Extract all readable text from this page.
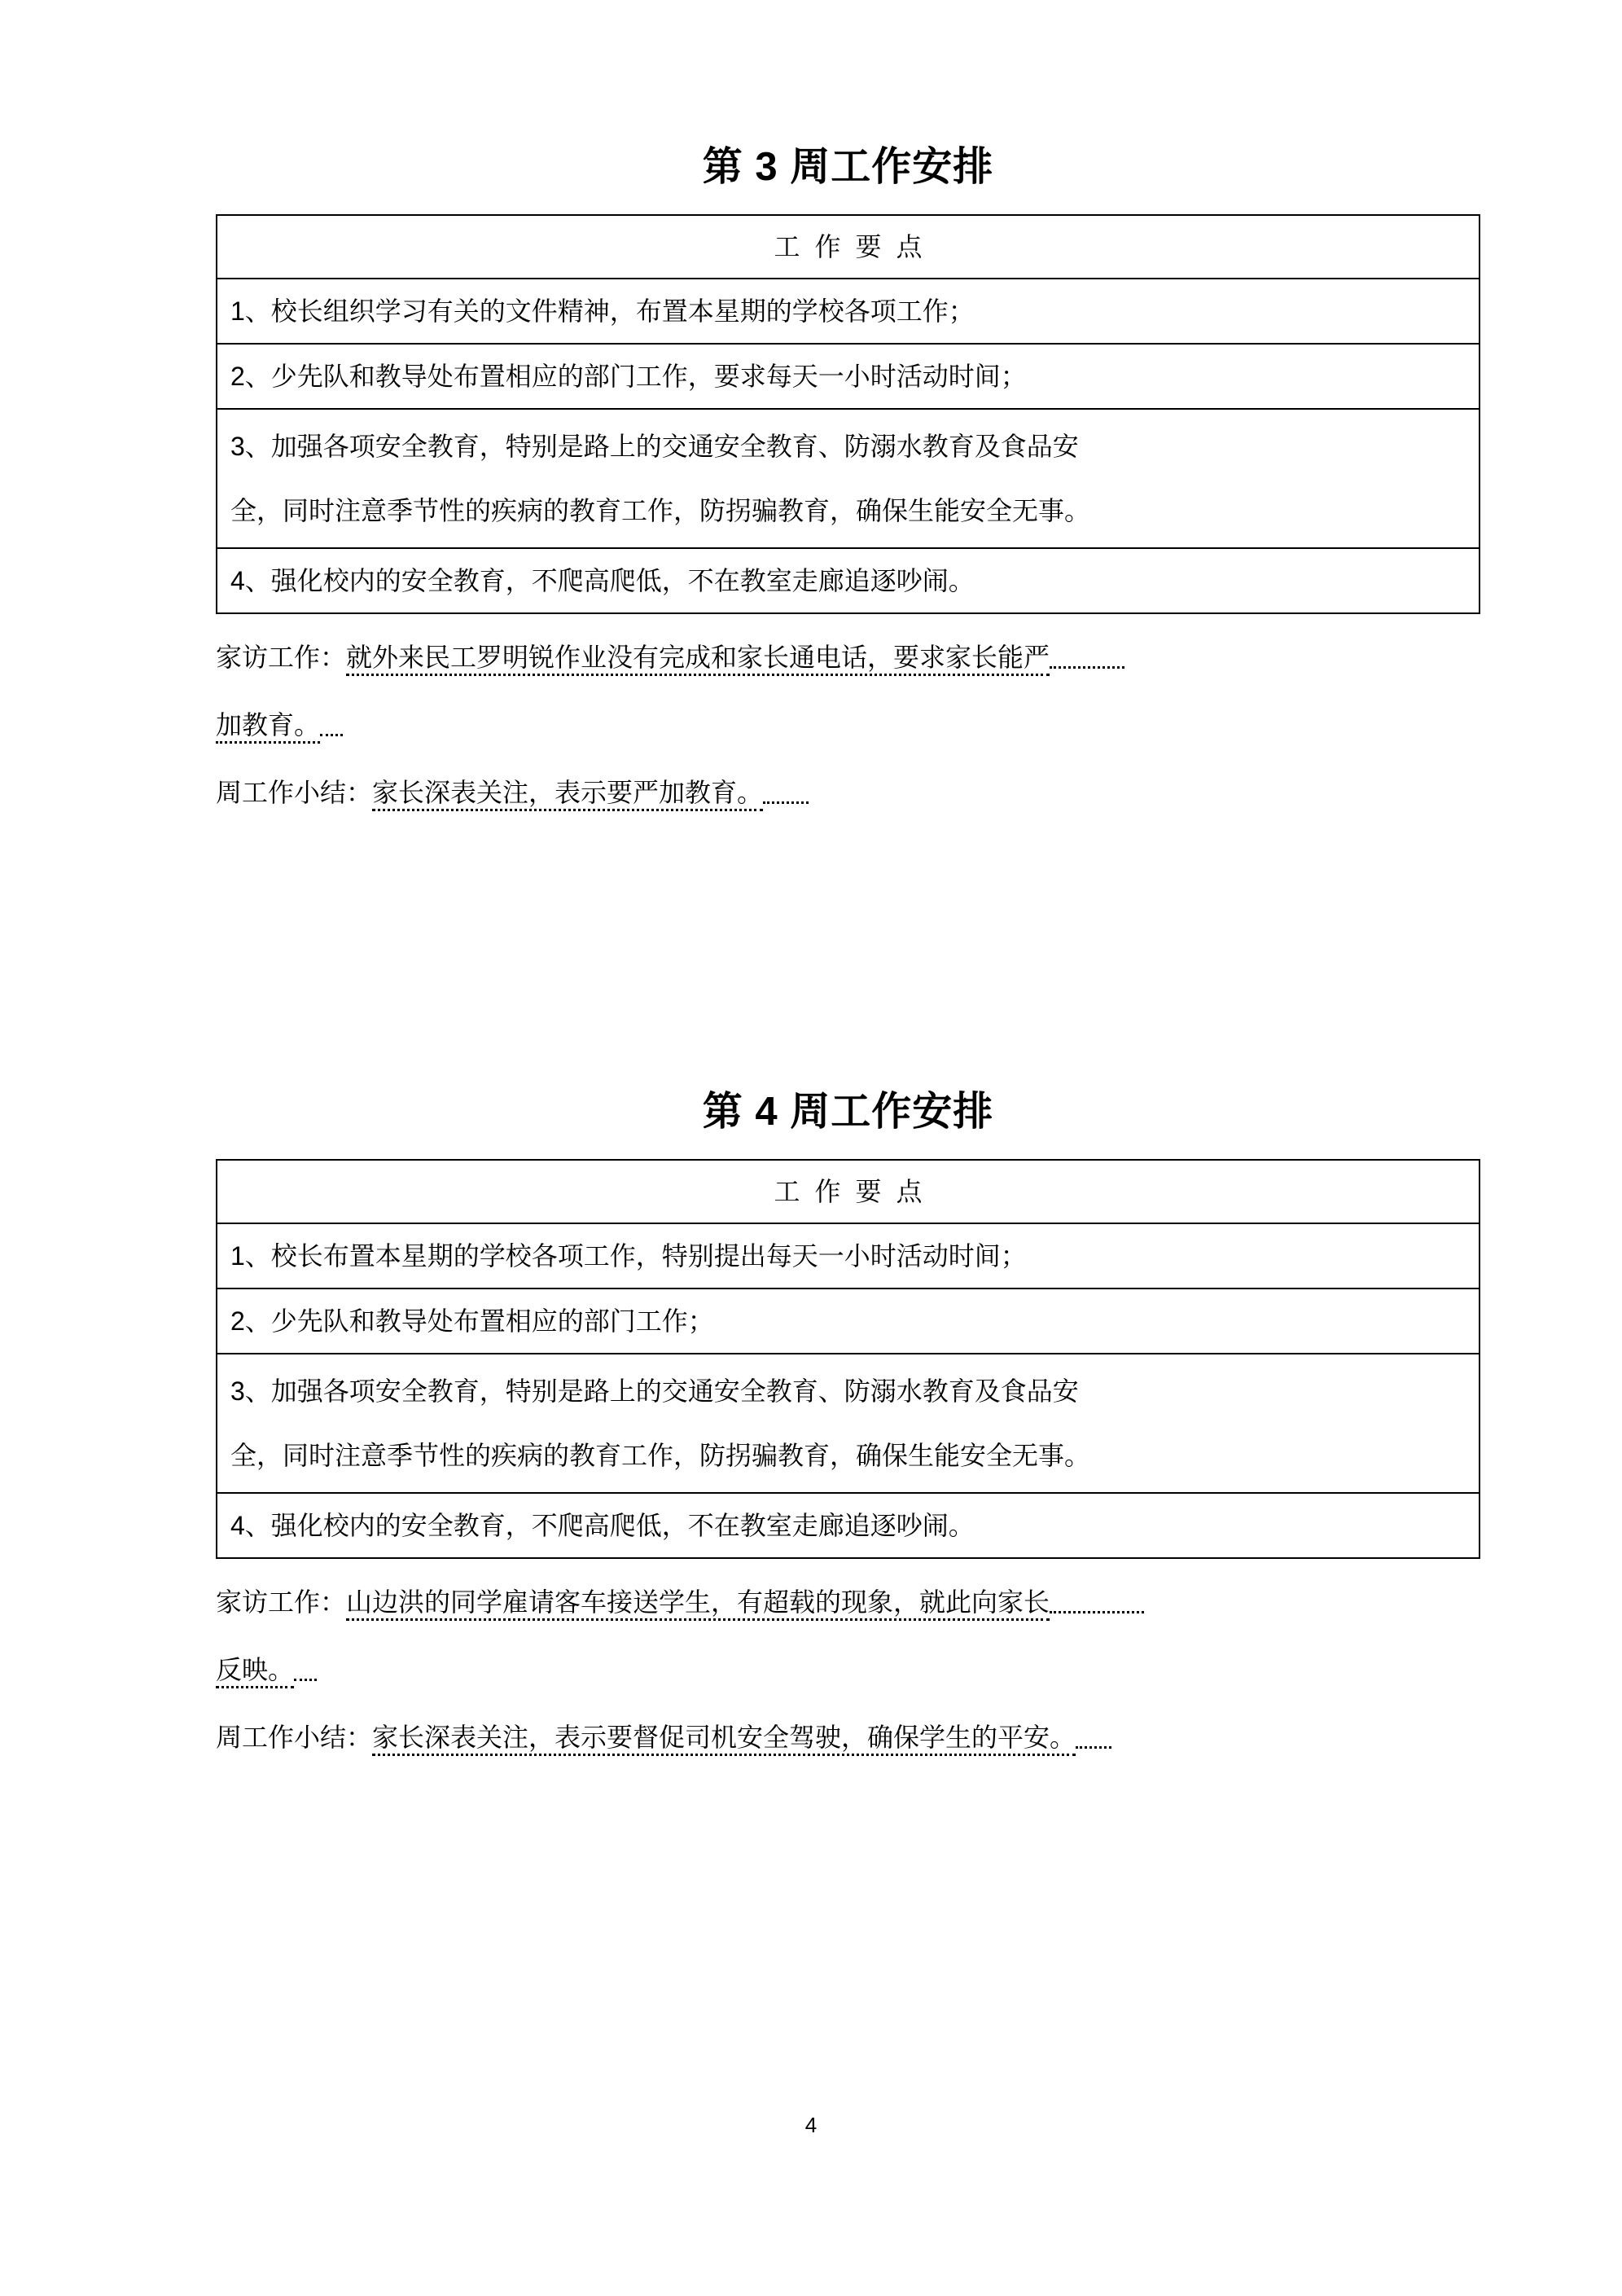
第 3 周工作安排
工作要点
1、校长组织学习有关的文件精神，布置本星期的学校各项工作；
2、少先队和教导处布置相应的部门工作，要求每天一小时活动时间；

3、加强各项安全教育，特别是路上的交通安全教育、防溺水教育及食品安
全，同时注意季节性的疾病的教育工作，防拐骗教育，确保生能安全无事。

4、强化校内的安全教育，不爬高爬低，不在教室走廊追逐吵闹。
家访工作：就外来民工罗明锐作业没有完成和家长通电话，要求家长能严
加教育。
周工作小结：家长深表关注，表示要严加教育。
第 4 周工作安排
工作要点
1、校长布置本星期的学校各项工作，特别提出每天一小时活动时间；
2、少先队和教导处布置相应的部门工作；

3、加强各项安全教育，特别是路上的交通安全教育、防溺水教育及食品安
全，同时注意季节性的疾病的教育工作，防拐骗教育，确保生能安全无事。

4、强化校内的安全教育，不爬高爬低，不在教室走廊追逐吵闹。
家访工作：山边洪的同学雇请客车接送学生，有超载的现象，就此向家长
反映。
周工作小结：家长深表关注，表示要督促司机安全驾驶，确保学生的平安。
4
